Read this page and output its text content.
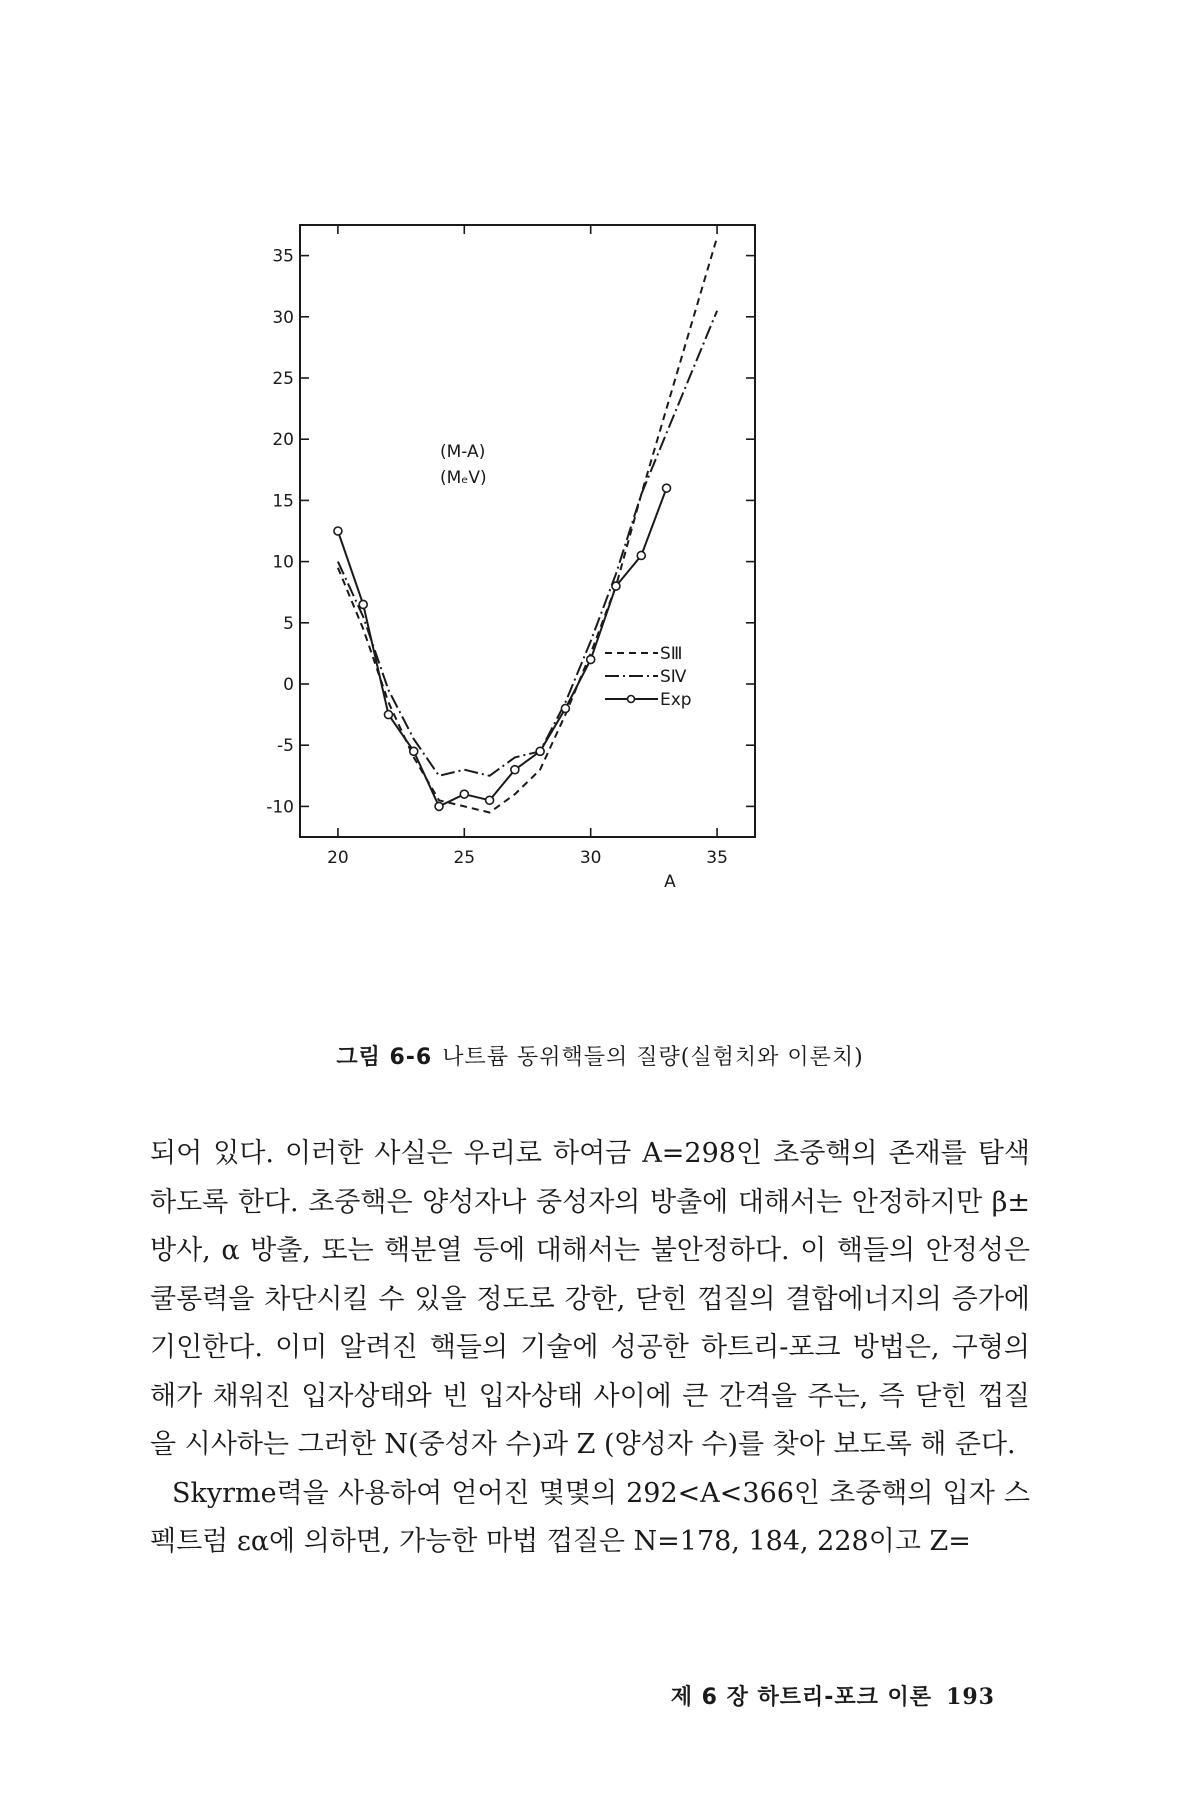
35
30
25
20
15
10
5
0
-5
-10
20	25	30	35
(M-A)
(MₑV)
A
SⅢ
SⅣ
Exp
그림 6-6 나트륨 동위핵들의 질량(실험치와 이론치)

되어 있다. 이러한 사실은 우리로 하여금 A=298인 초중핵의 존재를 탐색하도록 한다. 초중핵은 양성자나 중성자의 방출에 대해서는 안정하지만 β± 방사, α 방출, 또는 핵분열 등에 대해서는 불안정하다. 이 핵들의 안정성은 쿨롱력을 차단시킬 수 있을 정도로 강한, 닫힌 껍질의 결합에너지의 증가에 기인한다. 이미 알려진 핵들의 기술에 성공한 하트리-포크 방법은, 구형의 해가 채워진 입자상태와 빈 입자상태 사이에 큰 간격을 주는, 즉 닫힌 껍질을 시사하는 그러한 N(중성자 수)과 Z (양성자 수)를 찾아 보도록 해 준다.

Skyrme력을 사용하여 얻어진 몇몇의 292<A<366인 초중핵의 입자 스펙트럼 εα에 의하면, 가능한 마법 껍질은 N=178, 184, 228이고 Z=

제 6 장 하트리-포크 이론 193
